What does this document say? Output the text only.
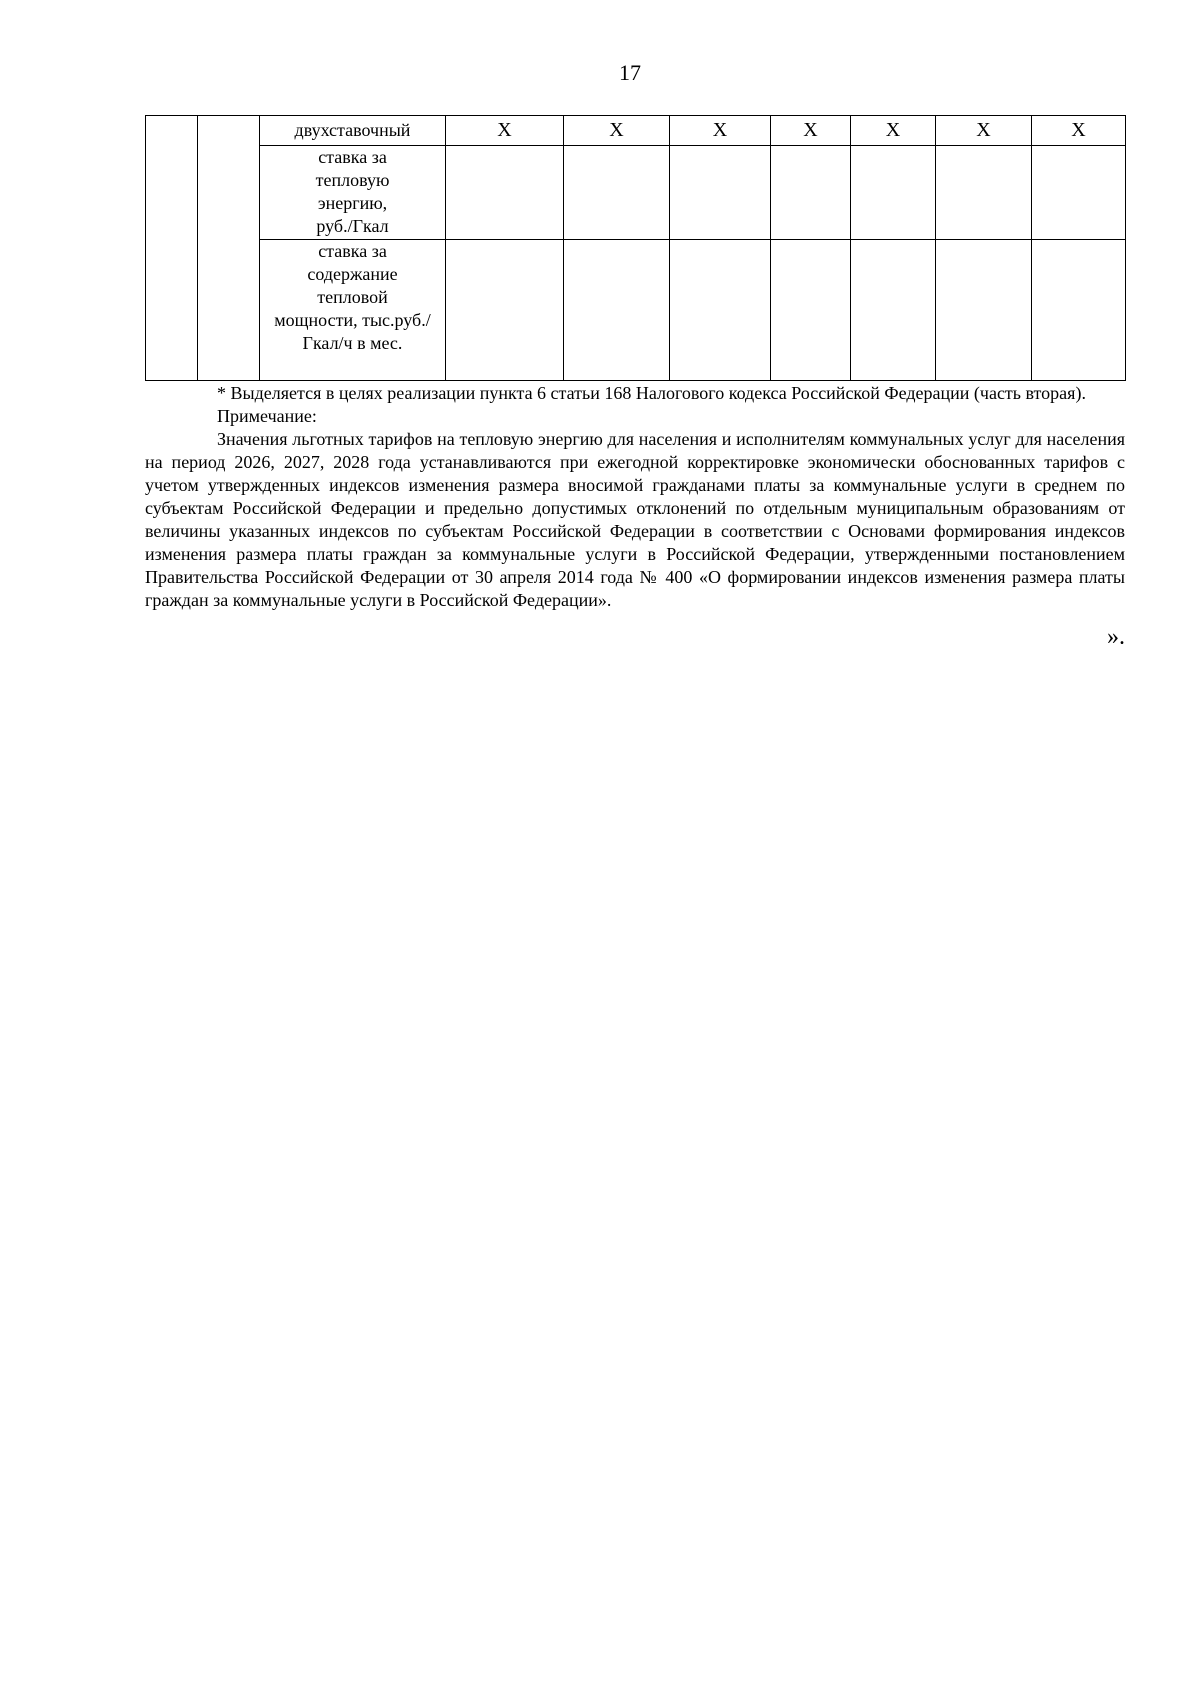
17
		двухставочный	X	X	X	X	X	X	X
		ставка за тепловую энергию, руб./Гкал							
		ставка за содержание тепловой мощности, тыс.руб./Гкал/ч в мес.							

* Выделяется в целях реализации пункта 6 статьи 168 Налогового кодекса Российской Федерации (часть вторая).

Примечание:

Значения льготных тарифов на тепловую энергию для населения и исполнителям коммунальных услуг для населения на период 2026, 2027, 2028 года устанавливаются при ежегодной корректировке экономически обоснованных тарифов с учетом утвержденных индексов изменения размера вносимой гражданами платы за коммунальные услуги в среднем по субъектам Российской Федерации и предельно допустимых отклонений по отдельным муниципальным образованиям от величины указанных индексов по субъектам Российской Федерации в соответствии с Основами формирования индексов изменения размера платы граждан за коммунальные услуги в Российской Федерации, утвержденными постановлением Правительства Российской Федерации от 30 апреля 2014 года № 400 «О формировании индексов изменения размера платы граждан за коммунальные услуги в Российской Федерации».

».
